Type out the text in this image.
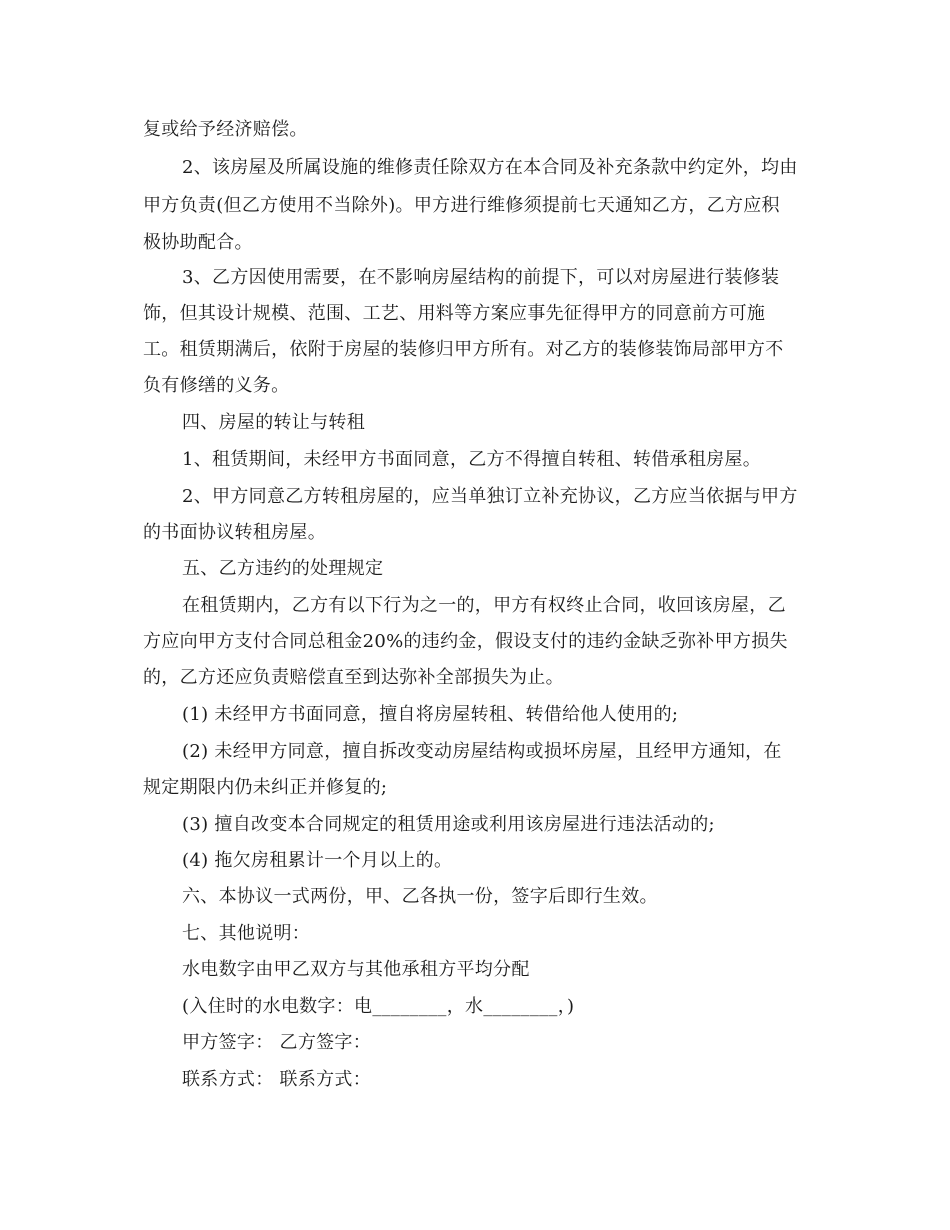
复或给予经济赔偿。
2、该房屋及所属设施的维修责任除双方在本合同及补充条款中约定外，均由
甲方负责(但乙方使用不当除外)。甲方进行维修须提前七天通知乙方，乙方应积
极协助配合。
3、乙方因使用需要，在不影响房屋结构的前提下，可以对房屋进行装修装
饰，但其设计规模、范围、工艺、用料等方案应事先征得甲方的同意前方可施
工。租赁期满后，依附于房屋的装修归甲方所有。对乙方的装修装饰局部甲方不
负有修缮的义务。
四、房屋的转让与转租
1、租赁期间，未经甲方书面同意，乙方不得擅自转租、转借承租房屋。
2、甲方同意乙方转租房屋的，应当单独订立补充协议，乙方应当依据与甲方
的书面协议转租房屋。
五、乙方违约的处理规定
在租赁期内，乙方有以下行为之一的，甲方有权终止合同，收回该房屋，乙
方应向甲方支付合同总租金20%的违约金，假设支付的违约金缺乏弥补甲方损失
的，乙方还应负责赔偿直至到达弥补全部损失为止。
(1) 未经甲方书面同意，擅自将房屋转租、转借给他人使用的;
(2) 未经甲方同意，擅自拆改变动房屋结构或损坏房屋，且经甲方通知，在
规定期限内仍未纠正并修复的;
(3) 擅自改变本合同规定的租赁用途或利用该房屋进行违法活动的;
(4) 拖欠房租累计一个月以上的。
六、本协议一式两份，甲、乙各执一份，签字后即行生效。
七、其他说明：
水电数字由甲乙双方与其他承租方平均分配
(入住时的水电数字：电________，水________，)
甲方签字： 乙方签字：
联系方式： 联系方式：
